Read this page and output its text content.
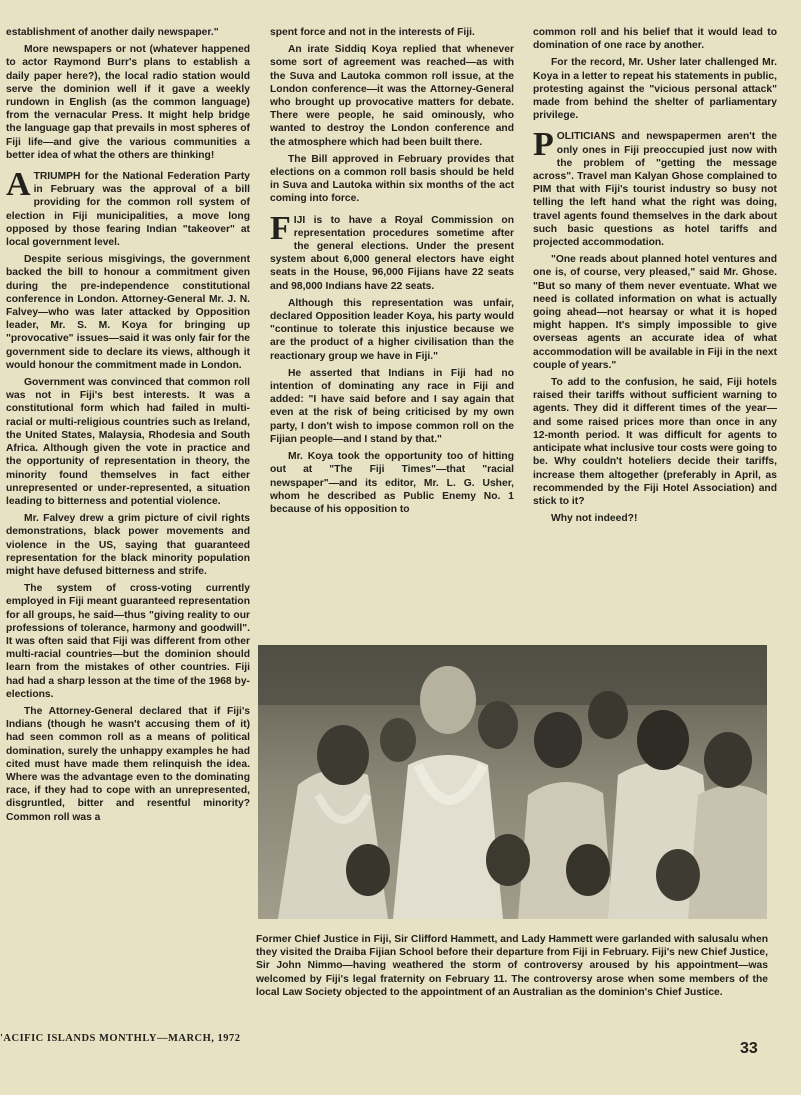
establishment of another daily newspaper."

More newspapers or not (whatever happened to actor Raymond Burr's plans to establish a daily paper here?), the local radio station would serve the dominion well if it gave a weekly rundown in English (as the common language) from the vernacular Press. It might help bridge the language gap that prevails in most spheres of Fiji life—and give the various communities a better idea of what the others are thinking!

ATRIUMPH for the National Federation Party in February was the approval of a bill providing for the common roll system of election in Fiji municipalities, a move long opposed by those fearing Indian "takeover" at local government level.

Despite serious misgivings, the government backed the bill to honour a commitment given during the pre-independence constitutional conference in London. Attorney-General Mr. J. N. Falvey—who was later attacked by Opposition leader, Mr. S. M. Koya for bringing up "provocative" issues—said it was only fair for the government side to declare its views, although it would honour the commitment made in London.

Government was convinced that common roll was not in Fiji's best interests. It was a constitutional form which had failed in multi-racial or multi-religious countries such as Ireland, the United States, Malaysia, Rhodesia and South Africa. Although given the vote in practice and the opportunity of representation in theory, the minority found themselves in fact either unrepresented or under-represented, a situation leading to bitterness and potential violence.

Mr. Falvey drew a grim picture of civil rights demonstrations, black power movements and violence in the US, saying that guaranteed representation for the black minority population might have defused bitterness and strife.

The system of cross-voting currently employed in Fiji meant guaranteed representation for all groups, he said—thus "giving reality to our professions of tolerance, harmony and goodwill". It was often said that Fiji was different from other multi-racial countries—but the dominion should learn from the mistakes of other countries. Fiji had had a sharp lesson at the time of the 1968 by-elections.

The Attorney-General declared that if Fiji's Indians (though he wasn't accusing them of it) had seen common roll as a means of political domination, surely the unhappy examples he had cited must have made them relinquish the idea. Where was the advantage even to the dominating race, if they had to cope with an unrepresented, disgruntled, bitter and resentful minority? Common roll was a

spent force and not in the interests of Fiji.

An irate Siddiq Koya replied that whenever some sort of agreement was reached—as with the Suva and Lautoka common roll issue, at the London conference—it was the Attorney-General who brought up provocative matters for debate. There were people, he said ominously, who wanted to destroy the London conference and the atmosphere which had been built there.

The Bill approved in February provides that elections on a common roll basis should be held in Suva and Lautoka within six months of the act coming into force.

FIJI is to have a Royal Commission on representation procedures sometime after the general elections. Under the present system about 6,000 general electors have eight seats in the House, 96,000 Fijians have 22 seats and 98,000 Indians have 22 seats.

Although this representation was unfair, declared Opposition leader Koya, his party would "continue to tolerate this injustice because we are the product of a higher civilisation than the reactionary group we have in Fiji."

He asserted that Indians in Fiji had no intention of dominating any race in Fiji and added: "I have said before and I say again that even at the risk of being criticised by my own party, I don't wish to impose common roll on the Fijian people—and I stand by that."

Mr. Koya took the opportunity too of hitting out at "The Fiji Times"—that "racial newspaper"—and its editor, Mr. L. G. Usher, whom he described as Public Enemy No. 1 because of his opposition to

common roll and his belief that it would lead to domination of one race by another.

For the record, Mr. Usher later challenged Mr. Koya in a letter to repeat his statements in public, protesting against the "vicious personal attack" made from behind the shelter of parliamentary privilege.

POLITICIANS and newspapermen aren't the only ones in Fiji preoccupied just now with the problem of "getting the message across". Travel man Kalyan Ghose complained to PIM that with Fiji's tourist industry so busy not telling the left hand what the right was doing, travel agents found themselves in the dark about such basic questions as hotel tariffs and projected accommodation.

"One reads about planned hotel ventures and one is, of course, very pleased," said Mr. Ghose. "But so many of them never eventuate. What we need is collated information on what is actually going ahead—not hearsay or what it is hoped might happen. It's simply impossible to give overseas agents an accurate idea of what accommodation will be available in Fiji in the next couple of years."

To add to the confusion, he said, Fiji hotels raised their tariffs without sufficient warning to agents. They did it different times of the year—and some raised prices more than once in any 12-month period. It was difficult for agents to anticipate what inclusive tour costs were going to be. Why couldn't hoteliers decide their tariffs, increase them altogether (preferably in April, as recommended by the Fiji Hotel Association) and stick to it?

Why not indeed?!

Former Chief Justice in Fiji, Sir Clifford Hammett, and Lady Hammett were garlanded with salusalu when they visited the Draiba Fijian School before their departure from Fiji in February. Fiji's new Chief Justice, Sir John Nimmo—having weathered the storm of controversy aroused by his appointment—was welcomed by Fiji's legal fraternity on February 11. The controversy arose when some members of the local Law Society objected to the appointment of an Australian as the dominion's Chief Justice.
'ACIFIC ISLANDS MONTHLY—MARCH, 1972
33
